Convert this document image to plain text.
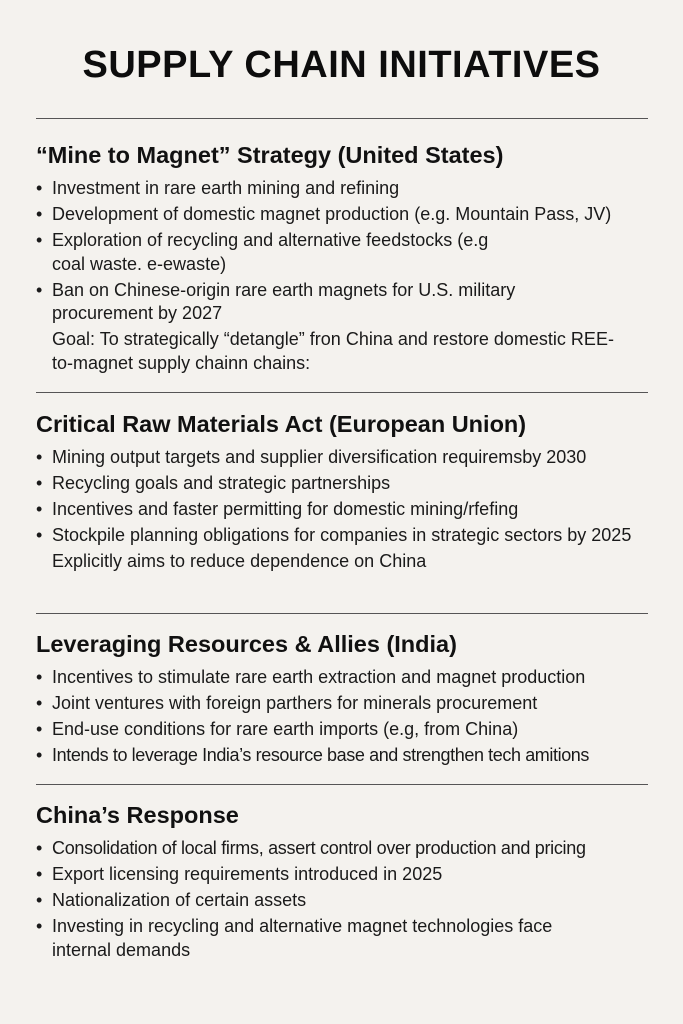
SUPPLY CHAIN INITIATIVES
“Mine to Magnet” Strategy (United States)
• Investment in rare earth mining and refining
• Development of domestic magnet production (e.g. Mountain Pass, JV)
• Exploration of recycling and alternative feedstocks (e.g coal waste. e-ewaste)
• Ban on Chinese-origin rare earth magnets for U.S. military procurement by 2027
Goal: To strategically “detangle” fron China and restore domestic REE-to-magnet supply chainn chains:
Critical Raw Materials Act (European Union)
• Mining output targets and supplier diversification requiremsby 2030
• Recycling goals and strategic partnerships
• Incentives and faster permitting for domestic mining/rfefing
• Stockpile planning obligations for companies in strategic sectors by 2025
Explicitly aims to reduce dependence on China
Leveraging Resources & Allies (India)
• Incentives to stimulate rare earth extraction and magnet production
• Joint ventures with foreign parthers for minerals procurement
• End-use conditions for rare earth imports (e.g, from China)
• Intends to leverage India’s resource base and strengthen tech amitions
China’s Response
• Consolidation of local firms, assert control over production and pricing
• Export licensing requirements introduced in 2025
• Nationalization of certain assets
• Investing in recycling and alternative magnet technologies face internal demands
